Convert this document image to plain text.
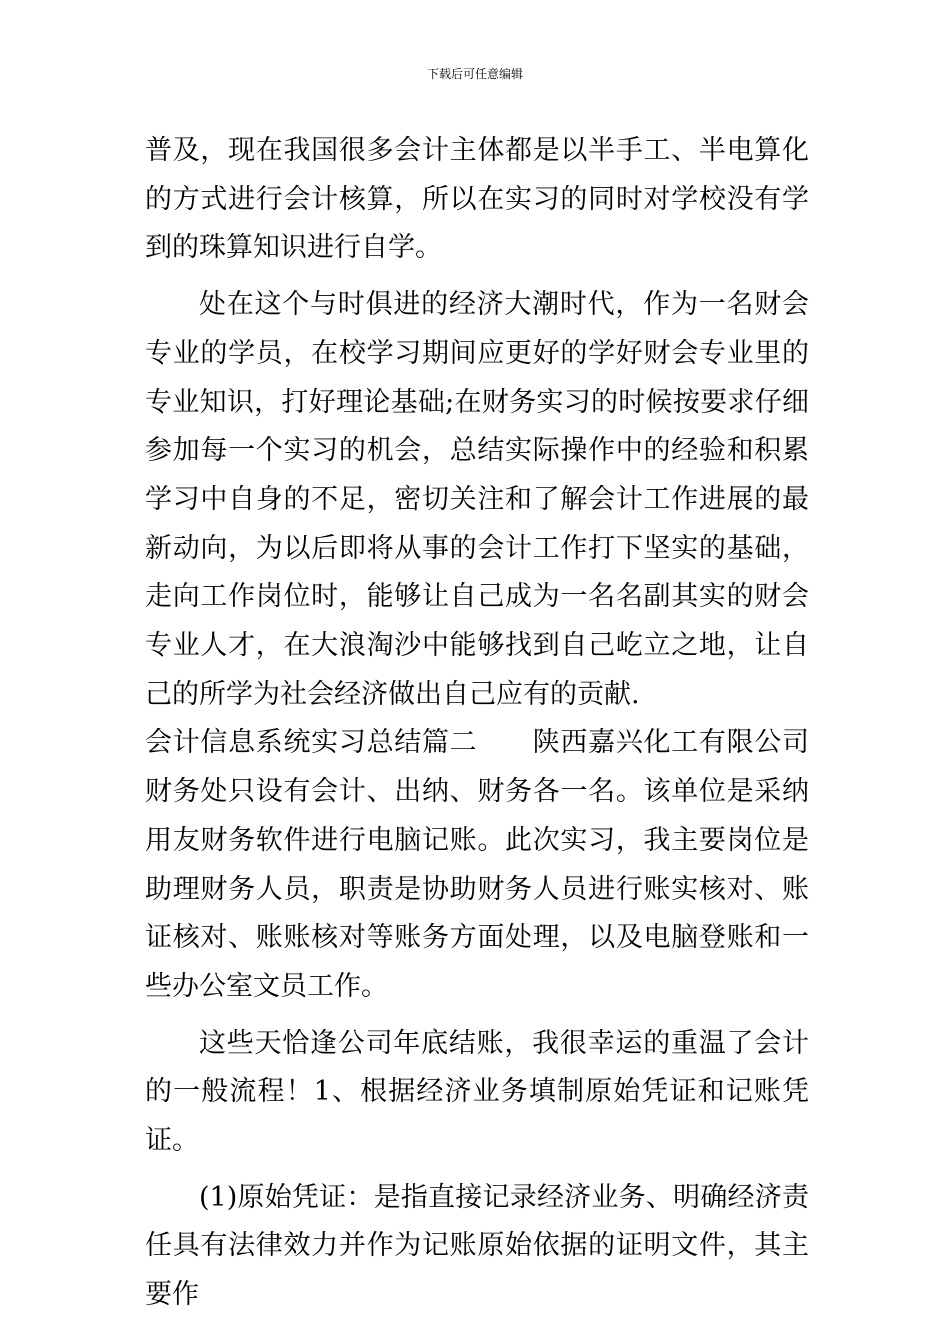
下载后可任意编辑

普及，现在我国很多会计主体都是以半手工、半电算化的方式进行会计核算，所以在实习的同时对学校没有学到的珠算知识进行自学。

处在这个与时俱进的经济大潮时代，作为一名财会专业的学员，在校学习期间应更好的学好财会专业里的专业知识，打好理论基础;在财务实习的时候按要求仔细参加每一个实习的机会，总结实际操作中的经验和积累学习中自身的不足，密切关注和了解会计工作进展的最新动向，为以后即将从事的会计工作打下坚实的基础，走向工作岗位时，能够让自己成为一名名副其实的财会专业人才，在大浪淘沙中能够找到自己屹立之地，让自己的所学为社会经济做出自己应有的贡献.

会计信息系统实习总结篇二　　陕西嘉兴化工有限公司财务处只设有会计、出纳、财务各一名。该单位是采纳用友财务软件进行电脑记账。此次实习，我主要岗位是助理财务人员，职责是协助财务人员进行账实核对、账证核对、账账核对等账务方面处理，以及电脑登账和一些办公室文员工作。

这些天恰逢公司年底结账，我很幸运的重温了会计的一般流程！1、根据经济业务填制原始凭证和记账凭证。

(1)原始凭证：是指直接记录经济业务、明确经济责任具有法律效力并作为记账原始依据的证明文件，其主要作
